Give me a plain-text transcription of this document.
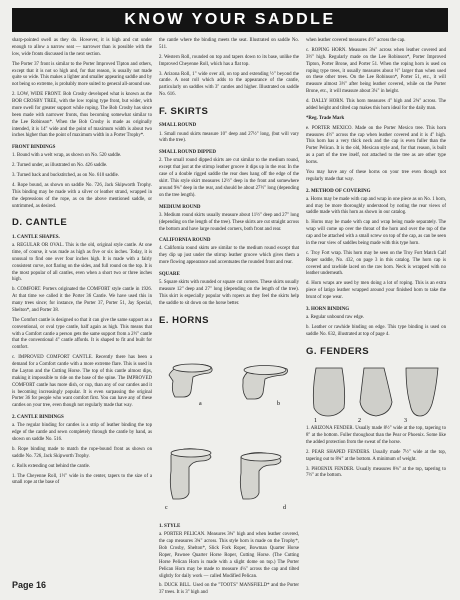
KNOW YOUR SADDLE

sharp-pointed swell as they do. However, it is high and cut under enough to allow a narrow seat — narrower than is possible with the low, wide fronts discussed in the next section.

The Porter 37 front is similar to the Porter Improved Tipton and others, except that it is not so high and, for that reason, is usually not made quite so wide. This makes a lighter and smaller appearing saddle and by not being so extreme, is probably more suited to general all-around use.

2. LOW, WIDE FRONT. Bob Crosby developed what is known as the BOB CROSBY TREE, with the low roping type front, but wider, with more swell for greater support while roping. The Bob Crosby has since been made with narrower fronts, thus becoming somewhat similar to the Lee Robinson*. When the Bob Crosby is made as originally intended, it is 14" wide and the point of maximum width is about two inches higher than the point of maximum width in a Porter Trophy*.

FRONT BINDINGS

1. Bound with a welt wrap, as shown on No. 520 saddle.

2. Turned under, as illustrated on No. 426 saddle.

3. Turned back and buckstitched, as on No. 610 saddle.

4. Rope bound, as shown on saddle No. 726, Jack Skipworth Trophy. This binding may be made with a silver or leather strand, wrapped in the depressions of the rope, as on the above mentioned saddle, or untrimmed, as desired.

D. CANTLE
1. CANTLE SHAPES.

a. REGULAR OR OVAL. This is the old, original style cantle. At one time, of course, it was made as high as five or six inches. Today, it is unusual to find one over four inches high. It is made with a fairly consistent curve, not flaring on the sides, and full round on the top. It is the most popular of all cantles, even when a short two or three inches high.

b. COMFORT. Porters originated the COMFORT style cantle in 1926. At that time we called it the Porter 36 Cantle. We have used this in many trees since; for instance, the Porter 37, Porter 51, Jay Special, Shelton*, and Porter 38.

The Comfort cantle is designed so that it can give the same support as a conventional, or oval type cantle, half again as high. This means that with a Comfort cantle a person gets the same support from a 2½" cantle that the conventional 4" cantle affords. It is shaped to fit and built for comfort.

c. IMPROVED COMFORT CANTLE. Recently there has been a demand for a Comfort cantle with a more extreme flare. This is used in the Layton and the Cutting Horse. The top of this cantle almost dips, making it impossible to ride on the base of the spine. The IMPROVED COMFORT cantle has more dish, or cup, than any of our cantles and it is becoming increasingly popular. It is even surpassing the original Porter 36 for people who want comfort first. You can have any of these cantles on your tree, even though not regularly made that way.

2. CANTLE BINDINGS

a. The regular binding for cantles is a strip of leather binding the top edge of the cantle and sewn completely through the cantle by hand, as shown on saddle No. 516.

b. Rope binding made to match the rope-bound front as shown on saddle No. 726, Jack Skipworth Trophy.

c. Rolls extending out behind the cantle.

1. The Cheyenne Roll, 1½" wide in the center, tapers to the size of a small rope at the base of

the cantle where the binding meets the seat. Illustrated on saddle No. 511.

2. Western Roll, rounded on top and tapers down to its base, unlike the Improved Cheyenne Roll, which has a flat top.

3. Arizona Roll, 1" wide over all, on top and extending ½" beyond the cantle. A neat roll which adds to the appearance of the cantle, particularly on saddles with 3" cantles and higher. Illustrated on saddle No. 616.

F. SKIRTS
SMALL ROUND

1. Small round skirts measure 10" deep and 27½" long, (but will vary with the tree).

SMALL ROUND DIPPED

2. The small round dipped skirts are cut similar to the medium round, except that just at the stirrup leather groove it dips up in the rear. In the case of a double rigged saddle the rear does hang off the edge of the skirt. This style skirt measures 12½" deep in the front and somewhere around 9¾" deep in the rear, and should be about 27½" long (depending on the tree length).

MEDIUM ROUND

3. Medium round skirts usually measure about 11½" deep and 27" long (depending on the length of the tree). These skirts are cut straight across the bottom and have large rounded corners, both front and rear.

CALIFORNIA ROUND

4. California round skirts are similar to the medium round except that they dip up just under the stirrup leather groove which gives them a more flowing appearance and accentuates the rounded front and rear.

SQUARE

5. Square skirts with rounded or square cut corners. These skirts usually measure 12" deep and 27" long (depending on the length of the tree). This skirt is especially popular with ropers as they feel the skirts help the saddle to sit down on the horse better.

E. HORNS
a	b
c	d
1. STYLE

a. PORTER PELICAN. Measures 3¾" high and when leather covered, the cap measures 3¾" across. This style horn is made on the Trophy*, Bob Crosby, Shelton*, Slick Fork Roper, Bowman Quarter Horse Roper, Pawnee Quarter Horse Roper, Cutting Horse. (The Cutting Horse Pelican Horn is made with a slight dome on top.) The Porter Pelican Horn may be made to measure 4¼" across the cap and tilted slightly for daily work — called Modified Pelican.

b. DUCK BILL. Used on the "TOOTS" MANSFIELD* and the Porter 37 trees. It is 3" high and

when leather covered measures 4½" across the cap.

c. ROPING HORN. Measures 3¾" across when leather covered and 3½" high. Regularly made on the Lee Robinson*, Porter Improved Tipton, Porter Brone, and Porter 51. When the roping horn is used on roping type trees, it usually measures about ½" larger than when used on these other trees. On the Lee Robinson*, Porter 51, etc., it will measure almost 3½" after being leather covered, while on the Porter Brone, etc., it will measure about 3¼" in height.

d. DALLY HORN. This horn measures 4" high and 2¾" across. The added height and tilted cap makes this horn ideal for the daily man.

*Reg. Trade Mark

e. PORTER MEXICO. Made on the Porter Mexico tree. This horn measures 4½" across the cap when leather covered and it is 4" high. This horn has a very thick neck and the cap is even fuller than the Porter Pelican. It is the old, Mexican style and, for that reason, is built as a part of the tree itself, not attached to the tree as are other type horns.

You may have any of these horns on your tree even though not regularly made that way.

2. METHOD OF COVERING

a. Horns may be made with cap and wrap in one piece as on No. 1 horn, and may be more thoroughly understood by noting the rear views of saddle made with this horn as shown in our catalog.

b. Horns may be made with cap and wrap being made separately. The wrap will come up over the throat of the horn and over the top of the cap and be attached with a small screw on top of the cap, as can be seen in the rear view of saddles being made with this type horn.

c. Troy Fort wrap. This horn may be seen on the Troy Fort Match Calf Roper saddle, No. 432, on page 3 in this catalog. The horn cap is covered and rawhide laced on the raw horn. Neck is wrapped with no leather underneath.

d. Horn wraps are used by men doing a lot of roping. This is an extra piece of latigo leather wrapped around your finished horn to take the brunt of rope wear.

3. HORN BINDING

a. Regular unbound raw edge.

b. Leather or rawhide binding on edge. This type binding is used on saddle No. 632, illustrated at top of page 4.

G. FENDERS
1	2	3

1. ARIZONA FENDER. Usually made 8½" wide at the top, tapering to 8" at the bottom. Fuller throughout than the Pear or Phoenix. Some like the added protection from the sweat of the horse.

2. PEAR SHAPED FENDERS. Usually made 7½" wide at the top, tapering out to 8¾" at the bottom. A minimum of weight.

3. PHOENIX FENDER. Usually measures 8¾" at the top, tapering to 7½" at the bottom.

Page 16
